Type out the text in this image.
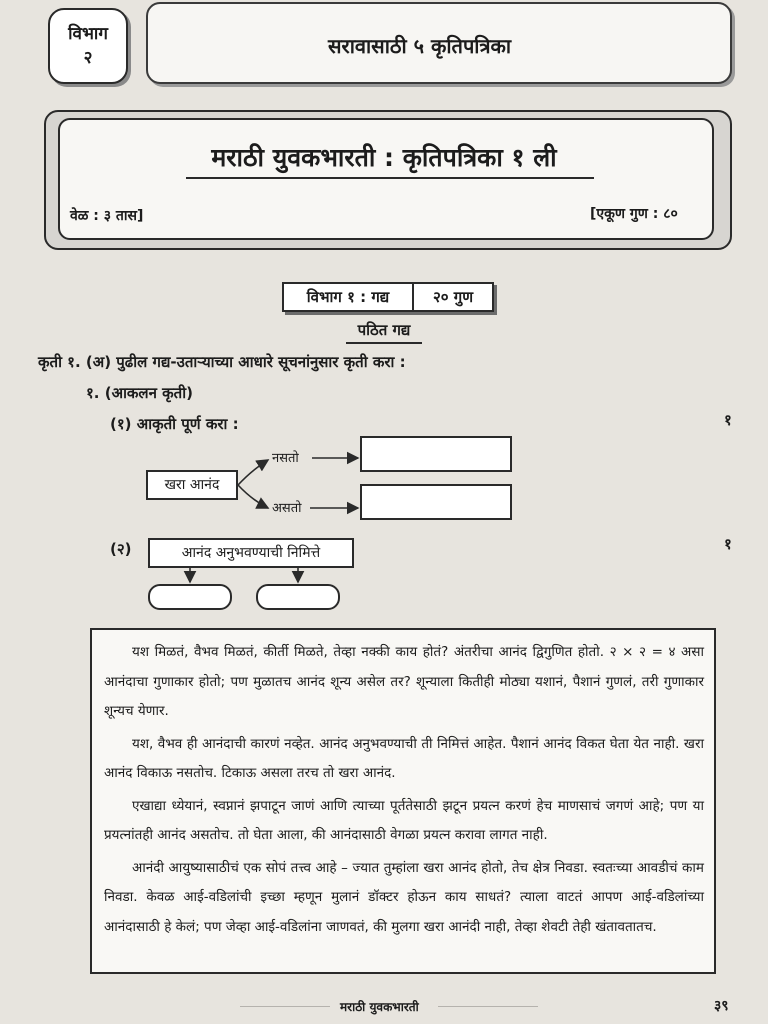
विभाग
२	सरावासाठी ५ कृतिपत्रिका
मराठी युवकभारती : कृतिपत्रिका १ ली
वेळ : ३ तास]	[एकूण गुण : ८०
विभाग १ : गद्य	२० गुण
पठित गद्य
कृती १. (अ) पुढील गद्य-उताऱ्याच्या आधारे सूचनांनुसार कृती करा :
१. (आकलन कृती)
(१) आकृती पूर्ण करा :	१
खरा आनंद
नसतो
असतो
(२)	१
आनंद अनुभवण्याची निमित्ते

यश मिळतं, वैभव मिळतं, कीर्ती मिळते, तेव्हा नक्की काय होतं? अंतरीचा आनंद द्विगुणित होतो. २ × २ = ४ असा आनंदाचा गुणाकार होतो; पण मुळातच आनंद शून्य असेल तर? शून्याला कितीही मोठ्या यशानं, पैशानं गुणलं, तरी गुणाकार शून्यच येणार.

यश, वैभव ही आनंदाची कारणं नव्हेत. आनंद अनुभवण्याची ती निमित्तं आहेत. पैशानं आनंद विकत घेता येत नाही. खरा आनंद विकाऊ नसतोच. टिकाऊ असला तरच तो खरा आनंद.

एखाद्या ध्येयानं, स्वप्नानं झपाटून जाणं आणि त्याच्या पूर्ततेसाठी झटून प्रयत्न करणं हेच माणसाचं जगणं आहे; पण या प्रयत्नांतही आनंद असतोच. तो घेता आला, की आनंदासाठी वेगळा प्रयत्न करावा लागत नाही.

आनंदी आयुष्यासाठीचं एक सोपं तत्त्व आहे – ज्यात तुम्हांला खरा आनंद होतो, तेच क्षेत्र निवडा. स्वतःच्या आवडीचं काम निवडा. केवळ आई-वडिलांची इच्छा म्हणून मुलानं डॉक्टर होऊन काय साधतं? त्याला वाटतं आपण आई-वडिलांच्या आनंदासाठी हे केलं; पण जेव्हा आई-वडिलांना जाणवतं, की मुलगा खरा आनंदी नाही, तेव्हा शेवटी तेही खंतावतातच.

मराठी युवकभारती	३९
